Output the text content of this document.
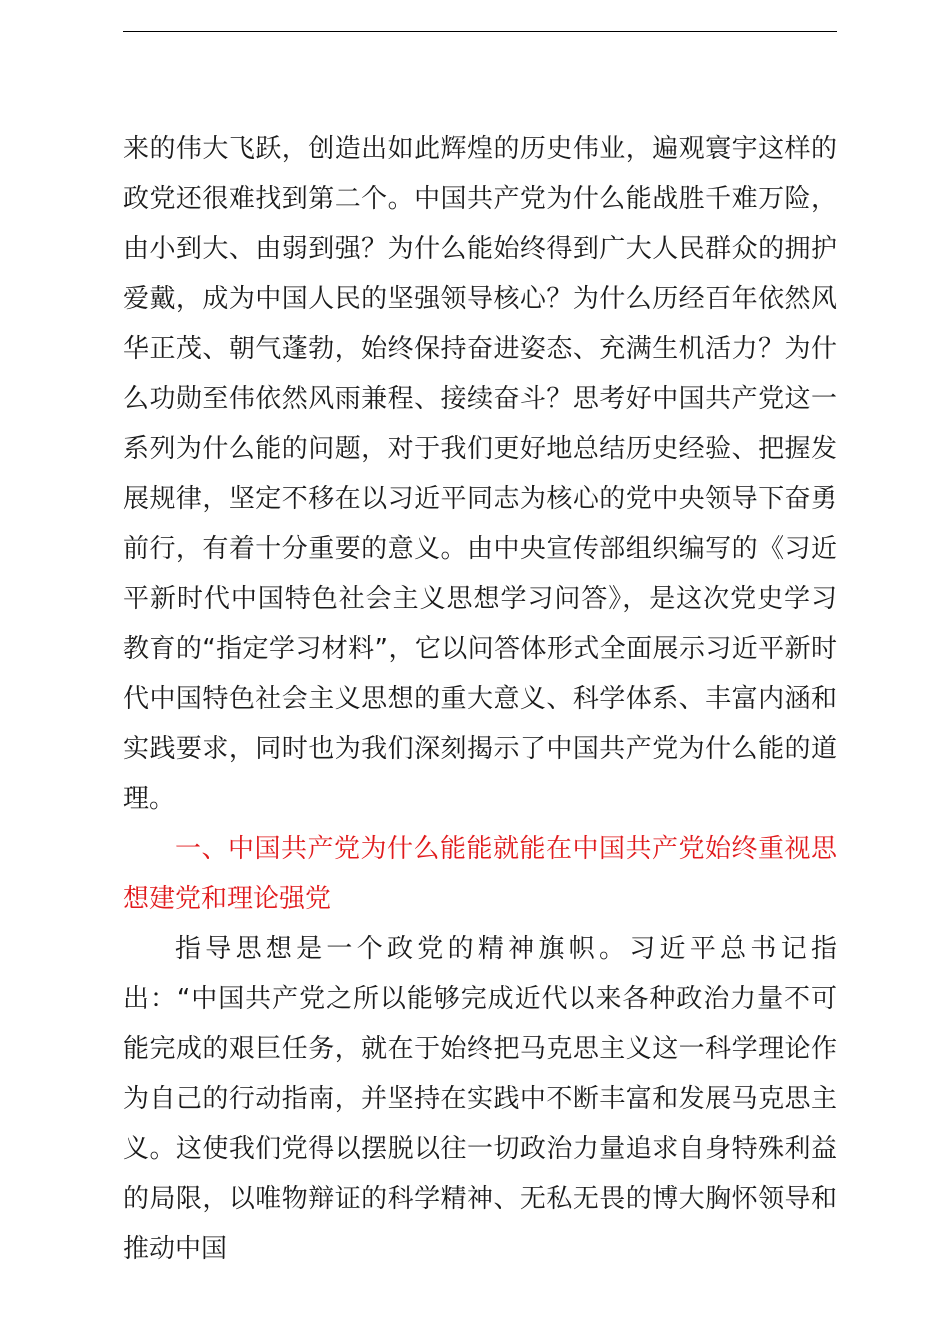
来的伟大飞跃，创造出如此辉煌的历史伟业，遍观寰宇这样的政党还很难找到第二个。中国共产党为什么能战胜千难万险，由小到大、由弱到强？为什么能始终得到广大人民群众的拥护爱戴，成为中国人民的坚强领导核心？为什么历经百年依然风华正茂、朝气蓬勃，始终保持奋进姿态、充满生机活力？为什么功勋至伟依然风雨兼程、接续奋斗？思考好中国共产党这一系列为什么能的问题，对于我们更好地总结历史经验、把握发展规律，坚定不移在以习近平同志为核心的党中央领导下奋勇前行，有着十分重要的意义。由中央宣传部组织编写的《习近平新时代中国特色社会主义思想学习问答》，是这次党史学习教育的“指定学习材料”，它以问答体形式全面展示习近平新时代中国特色社会主义思想的重大意义、科学体系、丰富内涵和实践要求，同时也为我们深刻揭示了中国共产党为什么能的道理。

一、中国共产党为什么能能就能在中国共产党始终重视思想建党和理论强党

指导思想是一个政党的精神旗帜。习近平总书记指出：“中国共产党之所以能够完成近代以来各种政治力量不可能完成的艰巨任务，就在于始终把马克思主义这一科学理论作为自己的行动指南，并坚持在实践中不断丰富和发展马克思主义。这使我们党得以摆脱以往一切政治力量追求自身特殊利益的局限，以唯物辩证的科学精神、无私无畏的博大胸怀领导和推动中国
